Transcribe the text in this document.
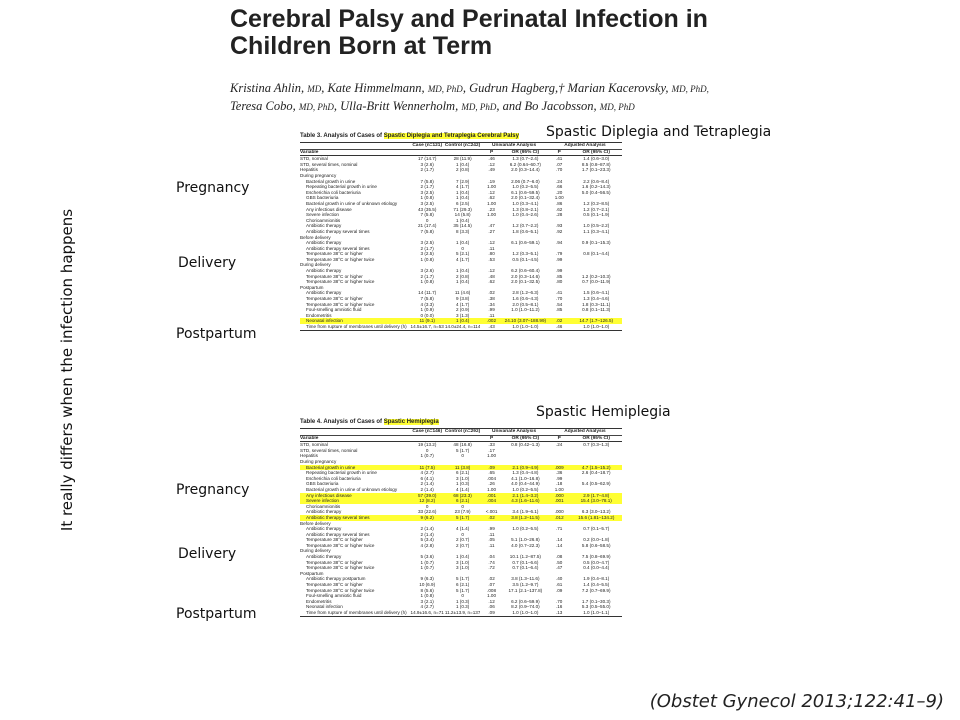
Cerebral Palsy and Perinatal Infection in
Children Born at Term
Kristina Ahlin, MD, Kate Himmelmann, MD, PhD, Gudrun Hagberg,† Marian Kacerovsky, MD, PhD,
Teresa Cobo, MD, PhD, Ulla-Britt Wennerholm, MD, PhD, and Bo Jacobsson, MD, PhD
It really differs when the infection happens
Pregnancy
Delivery
Postpartum
Pregnancy
Delivery
Postpartum
Spastic Diplegia and Tetraplegia
Spastic Hemiplegia
Table 3. Analysis of Cases of Spastic Diplegia and Tetraplegia Cerebral Palsy
	Case (n=121)	Control (n=242)	Univariate Analysis		Adjusted Analysis	
Variable			P	OR (95% CI)	P	OR (95% CI)
STD, nominal	17 (14.7)	28 (11.9)	.46	1.3 (0.7–2.4)	.41	1.4 (0.6–3.0)
STD, several times, nominal	3 (2.6)	1 (0.4)	.12	6.2 (0.64–60.7)	.07	8.5 (0.8–87.8)
Hepatitis	2 (1.7)	2 (0.8)	.49	2.0 (0.3–14.4)	.70	1.7 (0.1–23.3)
During pregnancy						
Bacterial growth in urine	7 (5.8)	7 (2.9)	.19	2.06 (0.7–6.0)	.24	2.2 (0.6–8.4)
Repeating bacterial growth in urine	2 (1.7)	4 (1.7)	1.00	1.0 (0.2–5.5)	.66	1.6 (0.2–14.3)
Escherichia coli bacteriuria	3 (2.5)	1 (0.4)	.12	6.1 (0.6–59.5)	.20	5.0 (0.4–56.5)
GBS bacteriuria	1 (0.8)	1 (0.4)	.62	2.0 (0.1–32.4)	1.00	
Bacterial growth in urine of unknown etiology	3 (2.5)	6 (2.5)	1.00	1.0 (0.3–4.1)	.86	1.2 (0.2–8.5)
Any infectious disease	43 (35.5)	71 (29.3)	.23	1.3 (0.8–2.1)	.62	1.2 (0.7–2.1)
Severe infection	7 (5.8)	14 (5.8)	1.00	1.0 (0.4–2.6)	.28	0.5 (0.1–1.9)
Chorioamnionitis	0	1 (0.4)				
Antibiotic therapy	21 (17.4)	35 (14.5)	.47	1.2 (0.7–2.2)	.93	1.0 (0.5–2.2)
Antibiotic therapy several times	7 (5.8)	8 (3.3)	.27	1.8 (0.6–5.1)	.92	1.1 (0.3–4.1)
Before delivery						
Antibiotic therapy	3 (2.5)	1 (0.4)	.12	6.1 (0.6–59.1)	.94	0.9 (0.1–15.3)
Antibiotic therapy several times	2 (1.7)	0	.11			
Temperature 38°C or higher	3 (2.5)	5 (2.1)	.80	1.2 (0.3–5.1)	.79	0.8 (0.1–4.4)
Temperature 38°C or higher twice	1 (0.8)	4 (1.7)	.53	0.5 (0.1–4.5)	.99	
During delivery						
Antibiotic therapy	3 (2.6)	1 (0.4)	.12	6.2 (0.6–60.4)	.99	
Temperature 38°C or higher	2 (1.7)	2 (0.8)	.48	2.0 (0.3–14.6)	.85	1.2 (0.2–10.3)
Temperature 38°C or higher twice	1 (0.8)	1 (0.4)	.62	2.0 (0.1–32.5)	.80	0.7 (0.0–11.9)
Postpartum						
Antibiotic therapy	14 (11.7)	11 (4.6)	.02	2.8 (1.2–6.3)	.41	1.5 (0.6–4.1)
Temperature 38°C or higher	7 (5.8)	9 (3.8)	.38	1.6 (0.6–4.3)	.70	1.3 (0.4–4.6)
Temperature 38°C or higher twice	4 (3.3)	4 (1.7)	.34	2.0 (0.5–8.1)	.54	1.8 (0.3–11.1)
Foul-smelling amniotic fluid	1 (0.9)	2 (0.9)	.99	1.0 (1.0–11.2)	.85	0.8 (0.1–11.3)
Endometritis	0 (0.0)	3 (1.3)	.11			
Neonatal infection	11 (9.1)	1 (0.4)	.002	24.10 (3.07–188.99)	.02	14.7 (1.7–126.5)
Time from rupture of membranes until delivery (h)	14.5±16.7, n=53	14.0±24.4, n=114	.43	1.0 (1.0–1.0)	.46	1.0 (1.0–1.0)
Table 4. Analysis of Cases of Spastic Hemiplegia
	Case (n=146)	Control (n=292)	Univariate Analysis		Adjusted Analysis	
Variable			P	OR (95% CI)	P	OR (95% CI)
STD, nominal	19 (13.2)	48 (16.8)	.33	0.8 (0.42–1.3)	.24	0.7 (0.3–1.3)
STD, several times, nominal	0	5 (1.7)	.17			
Hepatitis	1 (0.7)	0	1.00			
During pregnancy						
Bacterial growth in urine	11 (7.5)	11 (3.8)	.09	2.1 (0.9–4.9)	.009	4.7 (1.5–15.2)
Repeating bacterial growth in urine	4 (2.7)	6 (2.1)	.65	1.3 (0.4–4.8)	.36	2.6 (0.4–18.7)
Escherichia coli bacteriuria	6 (4.1)	3 (1.0)	.004	4.1 (1.0–16.8)	.99	
GBS bacteriuria	2 (1.4)	1 (0.3)	.26	4.0 (0.4–44.9)	.18	5.4 (0.5–62.9)
Bacterial growth in urine of unknown etiology	2 (1.4)	4 (1.4)	1.00	1.0 (0.2–5.5)	1.00	
Any infectious disease	57 (39.0)	68 (23.3)	.001	2.1 (1.4–3.2)	.000	2.9 (1.7–4.8)
Severe infection	12 (8.2)	6 (2.1)	.004	4.3 (1.6–11.6)	.001	15.4 (3.0–78.1)
Chorioamnionitis	0	0				
Antibiotic therapy	33 (22.6)	23 (7.9)	<.001	3.4 (1.9–6.1)	.000	6.3 (3.0–13.2)
Antibiotic therapy several times	9 (6.2)	5 (1.7)	.02	3.8 (1.2–11.5)	.012	15.6 (1.81–134.2)
Before delivery						
Antibiotic therapy	2 (1.4)	4 (1.4)	.99	1.0 (0.2–5.5)	.71	0.7 (0.1–5.7)
Antibiotic therapy several times	2 (1.4)	0	.11			
Temperature 38°C or higher	5 (3.4)	2 (0.7)	.05	5.1 (1.0–26.8)	.14	0.2 (0.0–1.8)
Temperature 38°C or higher twice	4 (2.8)	2 (0.7)	.11	4.0 (0.7–22.3)	.14	5.8 (0.6–58.5)
During delivery						
Antibiotic therapy	5 (3.6)	1 (0.4)	.04	10.1 (1.2–87.5)	.08	7.5 (0.8–69.9)
Temperature 38°C or higher	1 (0.7)	3 (1.0)	.74	0.7 (0.1–6.6)	.50	0.5 (0.0–4.7)
Temperature 38°C or higher twice	1 (0.7)	3 (1.0)	.72	0.7 (0.1–6.4)	.47	0.4 (0.0–4.4)
Postpartum						
Antibiotic therapy postpartum	9 (6.3)	5 (1.7)	.02	3.8 (1.3–11.6)	.40	1.9 (0.4–8.1)
Temperature 38°C or higher	10 (6.9)	6 (2.1)	.07	3.5 (1.2–9.7)	.61	1.4 (0.4–5.5)
Temperature 38°C or higher twice	8 (5.6)	5 (1.7)	.008	17.1 (2.1–137.8)	.09	7.2 (0.7–69.9)
Foul-smelling amniotic fluid	1 (0.8)	0	1.00			
Endometritis	3 (2.1)	1 (0.3)	.12	6.2 (0.6–59.9)	.70	1.7 (0.1–30.3)
Neonatal infection	4 (2.7)	1 (0.3)	.06	8.2 (0.9–74.0)	.16	5.3 (0.5–55.0)
Time from rupture of membranes until delivery (h)	14.9±16.6, n=71	11.2±13.9, n=137	.09	1.0 (1.0–1.0)	.13	1.0 (1.0–1.1)
(Obstet Gynecol 2013;122:41–9)
